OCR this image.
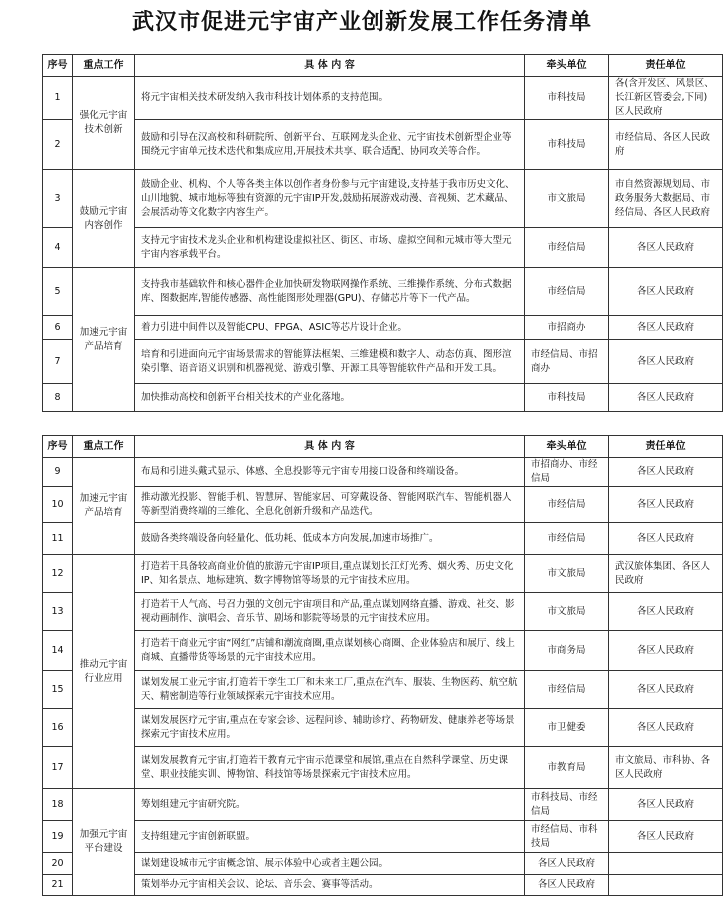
武汉市促进元宇宙产业创新发展工作任务清单
序号	重点工作	具 体 内 容	牵头单位	责任单位
1	强化元宇宙技术创新	将元宇宙相关技术研发纳入我市科技计划体系的支持范围。	市科技局	各(含开发区、风景区、长江新区管委会,下同)区人民政府
2		鼓励和引导在汉高校和科研院所、创新平台、互联网龙头企业、元宇宙技术创新型企业等围绕元宇宙单元技术迭代和集成应用,开展技术共享、联合适配、协同攻关等合作。	市科技局	市经信局、各区人民政府
3	鼓励元宇宙内容创作	鼓励企业、机构、个人等各类主体以创作者身份参与元宇宙建设,支持基于我市历史文化、山川地貌、城市地标等独有资源的元宇宙IP开发,鼓励拓展游戏动漫、音视频、艺术藏品、会展活动等文化数字内容生产。	市文旅局	市自然资源规划局、市政务服务大数据局、市经信局、各区人民政府
4		支持元宇宙技术龙头企业和机构建设虚拟社区、街区、市场、虚拟空间和元城市等大型元宇宙内容承载平台。	市经信局	各区人民政府
5	加速元宇宙产品培育	支持我市基础软件和核心器件企业加快研发物联网操作系统、三维操作系统、分布式数据库、图数据库,智能传感器、高性能图形处理器(GPU)、存储芯片等下一代产品。	市经信局	各区人民政府
6		着力引进中间件以及智能CPU、FPGA、ASIC等芯片设计企业。	市招商办	各区人民政府
7		培育和引进面向元宇宙场景需求的智能算法框架、三维建模和数字人、动态仿真、图形渲染引擎、语音语义识别和机器视觉、游戏引擎、开源工具等智能软件产品和开发工具。	市经信局、市招商办	各区人民政府
8		加快推动高校和创新平台相关技术的产业化落地。	市科技局	各区人民政府
序号	重点工作	具 体 内 容	牵头单位	责任单位
9	加速元宇宙产品培育	布局和引进头戴式显示、体感、全息投影等元宇宙专用接口设备和终端设备。	市招商办、市经信局	各区人民政府
10		推动激光投影、智能手机、智慧屏、智能家居、可穿戴设备、智能网联汽车、智能机器人等新型消费终端的三维化、全息化创新升级和产品迭代。	市经信局	各区人民政府
11		鼓励各类终端设备向轻量化、低功耗、低成本方向发展,加速市场推广。	市经信局	各区人民政府
12	推动元宇宙行业应用	打造若干具备较高商业价值的旅游元宇宙IP项目,重点谋划长江灯光秀、烟火秀、历史文化IP、知名景点、地标建筑、数字博物馆等场景的元宇宙技术应用。	市文旅局	武汉旅体集团、各区人民政府
13		打造若干人气高、号召力强的文创元宇宙项目和产品,重点谋划网络直播、游戏、社交、影视动画制作、演唱会、音乐节、剧场和影院等场景的元宇宙技术应用。	市文旅局	各区人民政府
14		打造若干商业元宇宙“网红”店铺和潮流商圈,重点谋划核心商圈、企业体验店和展厅、线上商城、直播带货等场景的元宇宙技术应用。	市商务局	各区人民政府
15		谋划发展工业元宇宙,打造若干孪生工厂和未来工厂,重点在汽车、服装、生物医药、航空航天、精密制造等行业领域探索元宇宙技术应用。	市经信局	各区人民政府
16		谋划发展医疗元宇宙,重点在专家会诊、远程问诊、辅助诊疗、药物研发、健康养老等场景探索元宇宙技术应用。	市卫健委	各区人民政府
17		谋划发展教育元宇宙,打造若干教育元宇宙示范课堂和展馆,重点在自然科学课堂、历史课堂、职业技能实训、博物馆、科技馆等场景探索元宇宙技术应用。	市教育局	市文旅局、市科协、各区人民政府
18	加强元宇宙平台建设	筹划组建元宇宙研究院。	市科技局、市经信局	各区人民政府
19		支持组建元宇宙创新联盟。	市经信局、市科技局	各区人民政府
20		谋划建设城市元宇宙概念馆、展示体验中心或者主题公园。	各区人民政府	
21		策划举办元宇宙相关会议、论坛、音乐会、赛事等活动。	各区人民政府	
